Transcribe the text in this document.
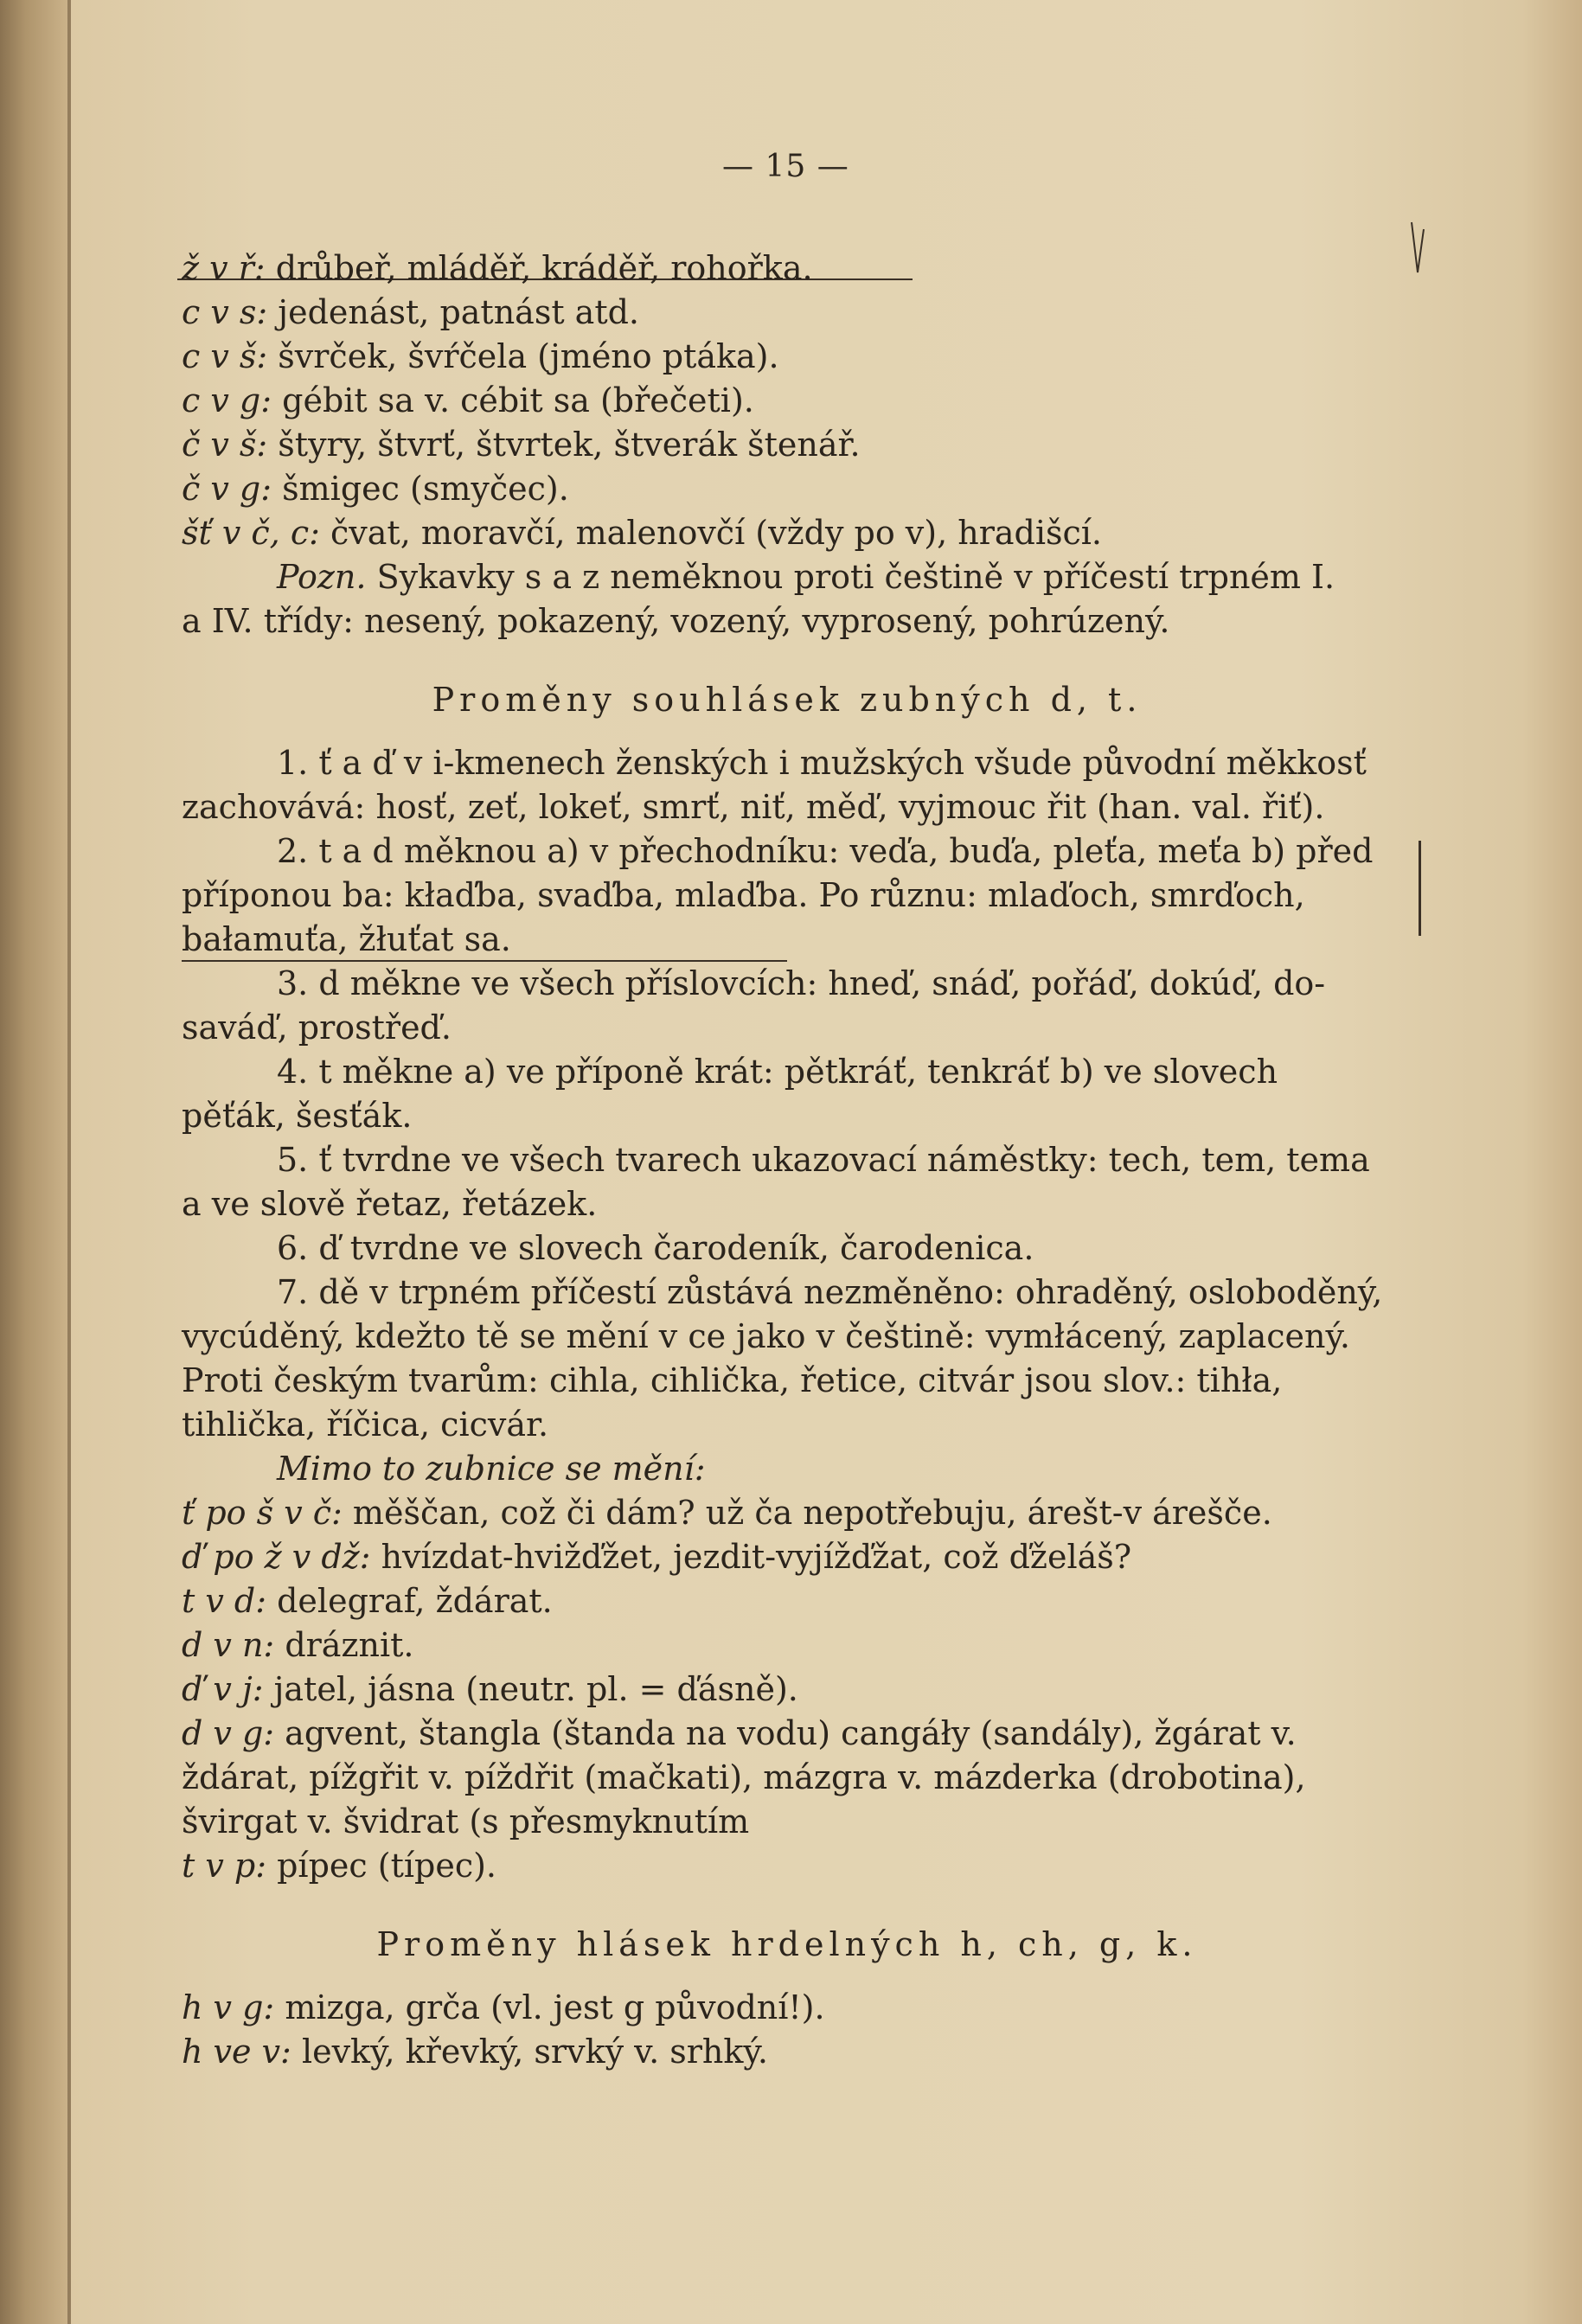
— 15 —
ž v ř: drůbeř, mláděř, kráděř, rohořka.
c v s: jedenást, patnást atd.
c v š: švrček, švŕčela (jméno ptáka).
c v g: gébit sa v. cébit sa (břečeti).
č v š: štyry, štvrť, štvrtek, štverák štenář.
č v g: šmigec (smyčec).
šť v č, c: čvat, moravčí, malenovčí (vždy po v), hradišcí.
Pozn. Sykavky s a z neměknou proti češtině v příčestí trpném I.
a IV. třídy: nesený, pokazený, vozený, vyprosený, pohrúzený.
Proměny souhlásek zubných d, t.
1. ť a ď v i-kmenech ženských i mužských všude původní měkkosť
zachovává: hosť, zeť, lokeť, smrť, niť, měď, vyjmouc řit (han. val. řiť).
2. t a d měknou a) v přechodníku: veďa, buďa, pleťa, meťa b) před
příponou ba: kłaďba, svaďba, mlaďba. Po různu: mlaďoch, smrďoch,
bałamuťa, žłuťat sa.
3. d měkne ve všech příslovcích: hneď, snáď, pořáď, dokúď, do-
saváď, prostřeď.
4. t měkne a) ve příponě krát: pětkráť, tenkráť b) ve slovech
pěťák, šesťák.
5. ť tvrdne ve všech tvarech ukazovací náměstky: tech, tem, tema
a ve slově řetaz, řetázek.
6. ď tvrdne ve slovech čarodeník, čarodenica.
7. dě v trpném příčestí zůstává nezměněno: ohraděný, osloboděný,
vycúděný, kdežto tě se mění v ce jako v češtině: vymłácený, zaplacený.
Proti českým tvarům: cihla, cihlička, řetice, citvár jsou slov.: tihła,
tihlička, říčica, cicvár.
Mimo to zubnice se mění:
ť po š v č: měščan, což či dám? už ča nepotřebuju, árešt-v árešče.
ď po ž v dž: hvízdat-hvižďžet, jezdit-vyjížďžat, což ďželáš?
t v d: delegraf, ždárat.
d v n: dráznit.
ď v j: jatel, jásna (neutr. pl. = ďásně).
d v g: agvent, štangla (štanda na vodu) cangáły (sandály), žgárat v.
ždárat, pížgřit v. píždřit (mačkati), mázgra v. mázderka (drobotina),
švirgat v. švidrat (s přesmyknutím
t v p: pípec (típec).
Proměny hlásek hrdelných h, ch, g, k.
h v g: mizga, grča (vl. jest g původní!).
h ve v: levký, křevký, srvký v. srhký.
